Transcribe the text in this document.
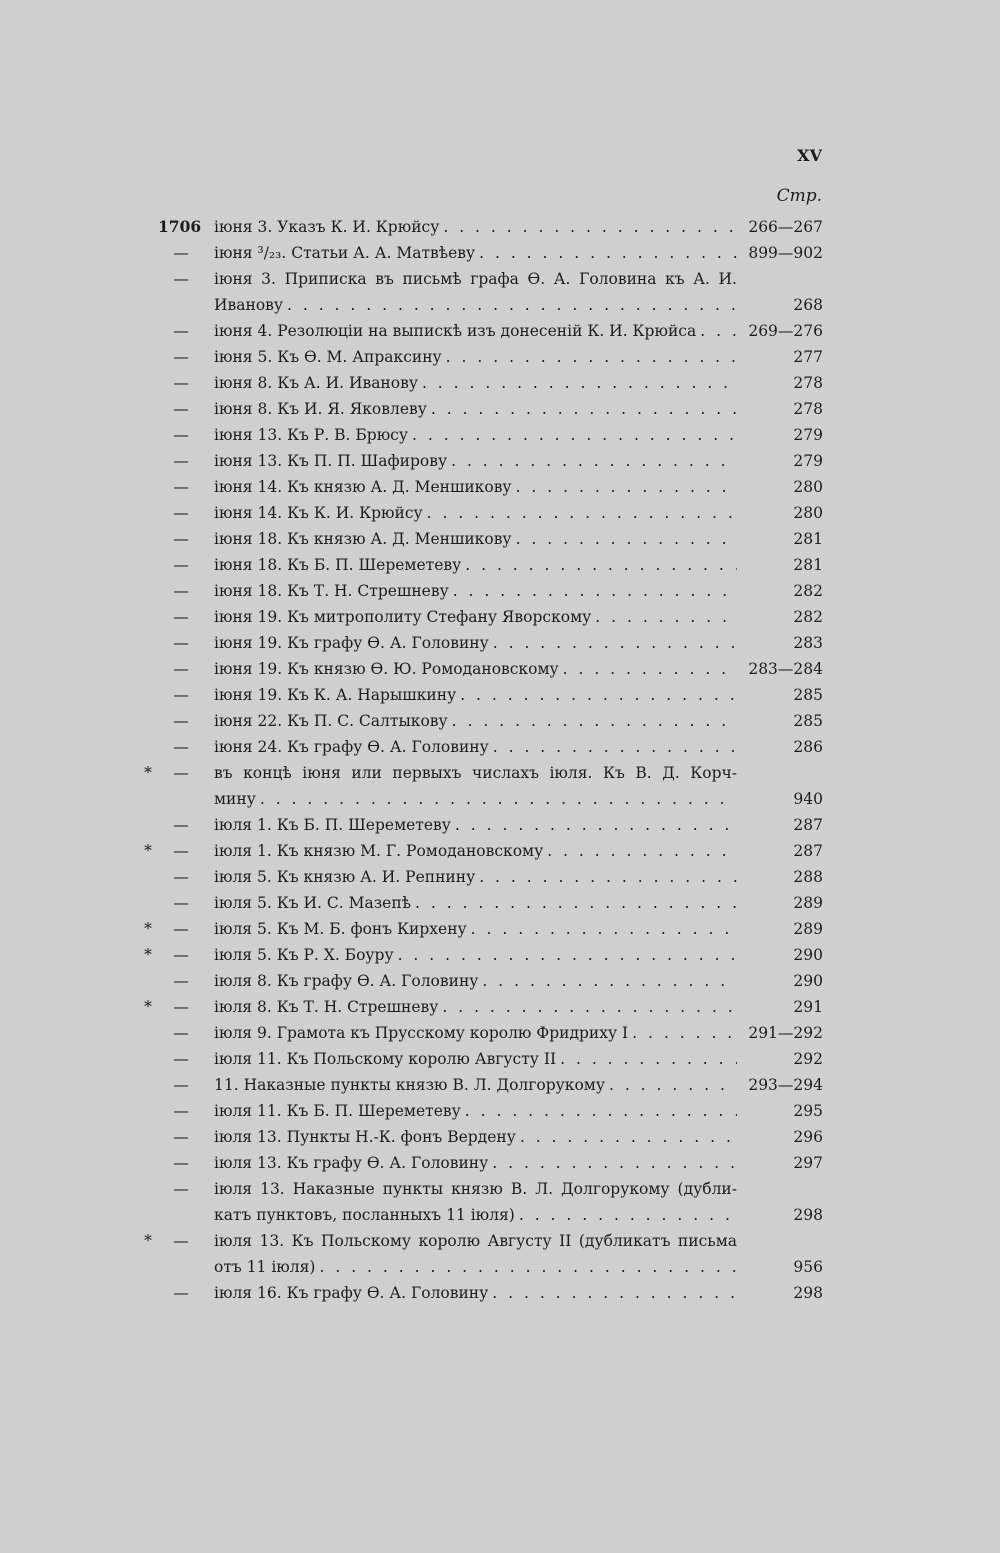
XV
Стр.
1706 іюня 3. Указъ К. И. Крюйсу . . .	266—267
—	іюня ³/₂₃. Статьи А. А. Матвѣеву . . .	899—902
—	іюня 3. Приписка въ письмѣ графа Ѳ. А. Головина къ А. И.
Иванову . . .	268
—	іюня 4. Резолюціи на выпискѣ изъ донесеній К. И. Крюйса . . .	269—276
—	іюня 5. Къ Ѳ. М. Апраксину . . .	277
—	іюня 8. Къ А. И. Иванову . . .	278
—	іюня 8. Къ И. Я. Яковлеву . . .	278
—	іюня 13. Къ Р. В. Брюсу . . .	279
—	іюня 13. Къ П. П. Шафирову . . .	279
—	іюня 14. Къ князю А. Д. Меншикову . . .	280
—	іюня 14. Къ К. И. Крюйсу . . .	280
—	іюня 18. Къ князю А. Д. Меншикову . . .	281
—	іюня 18. Къ Б. П. Шереметеву . . .	281
—	іюня 18. Къ Т. Н. Стрешневу . . .	282
—	іюня 19. Къ митрополиту Стефану Яворскому . . .	282
—	іюня 19. Къ графу Ѳ. А. Головину . . .	283
—	іюня 19. Къ князю Ѳ. Ю. Ромодановскому . . .	283—284
—	іюня 19. Къ К. А. Нарышкину . . .	285
—	іюня 22. Къ П. С. Салтыкову . . .	285
—	іюня 24. Къ графу Ѳ. А. Головину . . .	286
*	—	въ концѣ іюня или первыхъ числахъ іюля. Къ В. Д. Корч-
мину . . .	940
—	іюля 1. Къ Б. П. Шереметеву . . .	287
*	—	іюля 1. Къ князю М. Г. Ромодановскому . . .	287
—	іюля 5. Къ князю А. И. Репнину . . .	288
—	іюля 5. Къ И. С. Мазепѣ . . .	289
*	—	іюля 5. Къ М. Б. фонъ Кирхену . . .	289
*	—	іюля 5. Къ Р. Х. Боуру . . .	290
—	іюля 8. Къ графу Ѳ. А. Головину . . .	290
*	—	іюля 8. Къ Т. Н. Стрешневу . . .	291
—	іюля 9. Грамота къ Прусскому королю Фридриху I . . .	291—292
—	іюля 11. Къ Польскому королю Августу II . . .	292
—	11. Наказные пункты князю В. Л. Долгорукому . . .	293—294
—	іюля 11. Къ Б. П. Шереметеву . . .	295
—	іюля 13. Пункты Н.-К. фонъ Вердену . . .	296
—	іюля 13. Къ графу Ѳ. А. Головину . . .	297
—	іюля 13. Наказные пункты князю В. Л. Долгорукому (дубли-
катъ пунктовъ, посланныхъ 11 іюля) . . .	298
*	—	іюля 13. Къ Польскому королю Августу II (дубликатъ письма
отъ 11 іюля) . . .	956
—	іюля 16. Къ графу Ѳ. А. Головину . . .	298
